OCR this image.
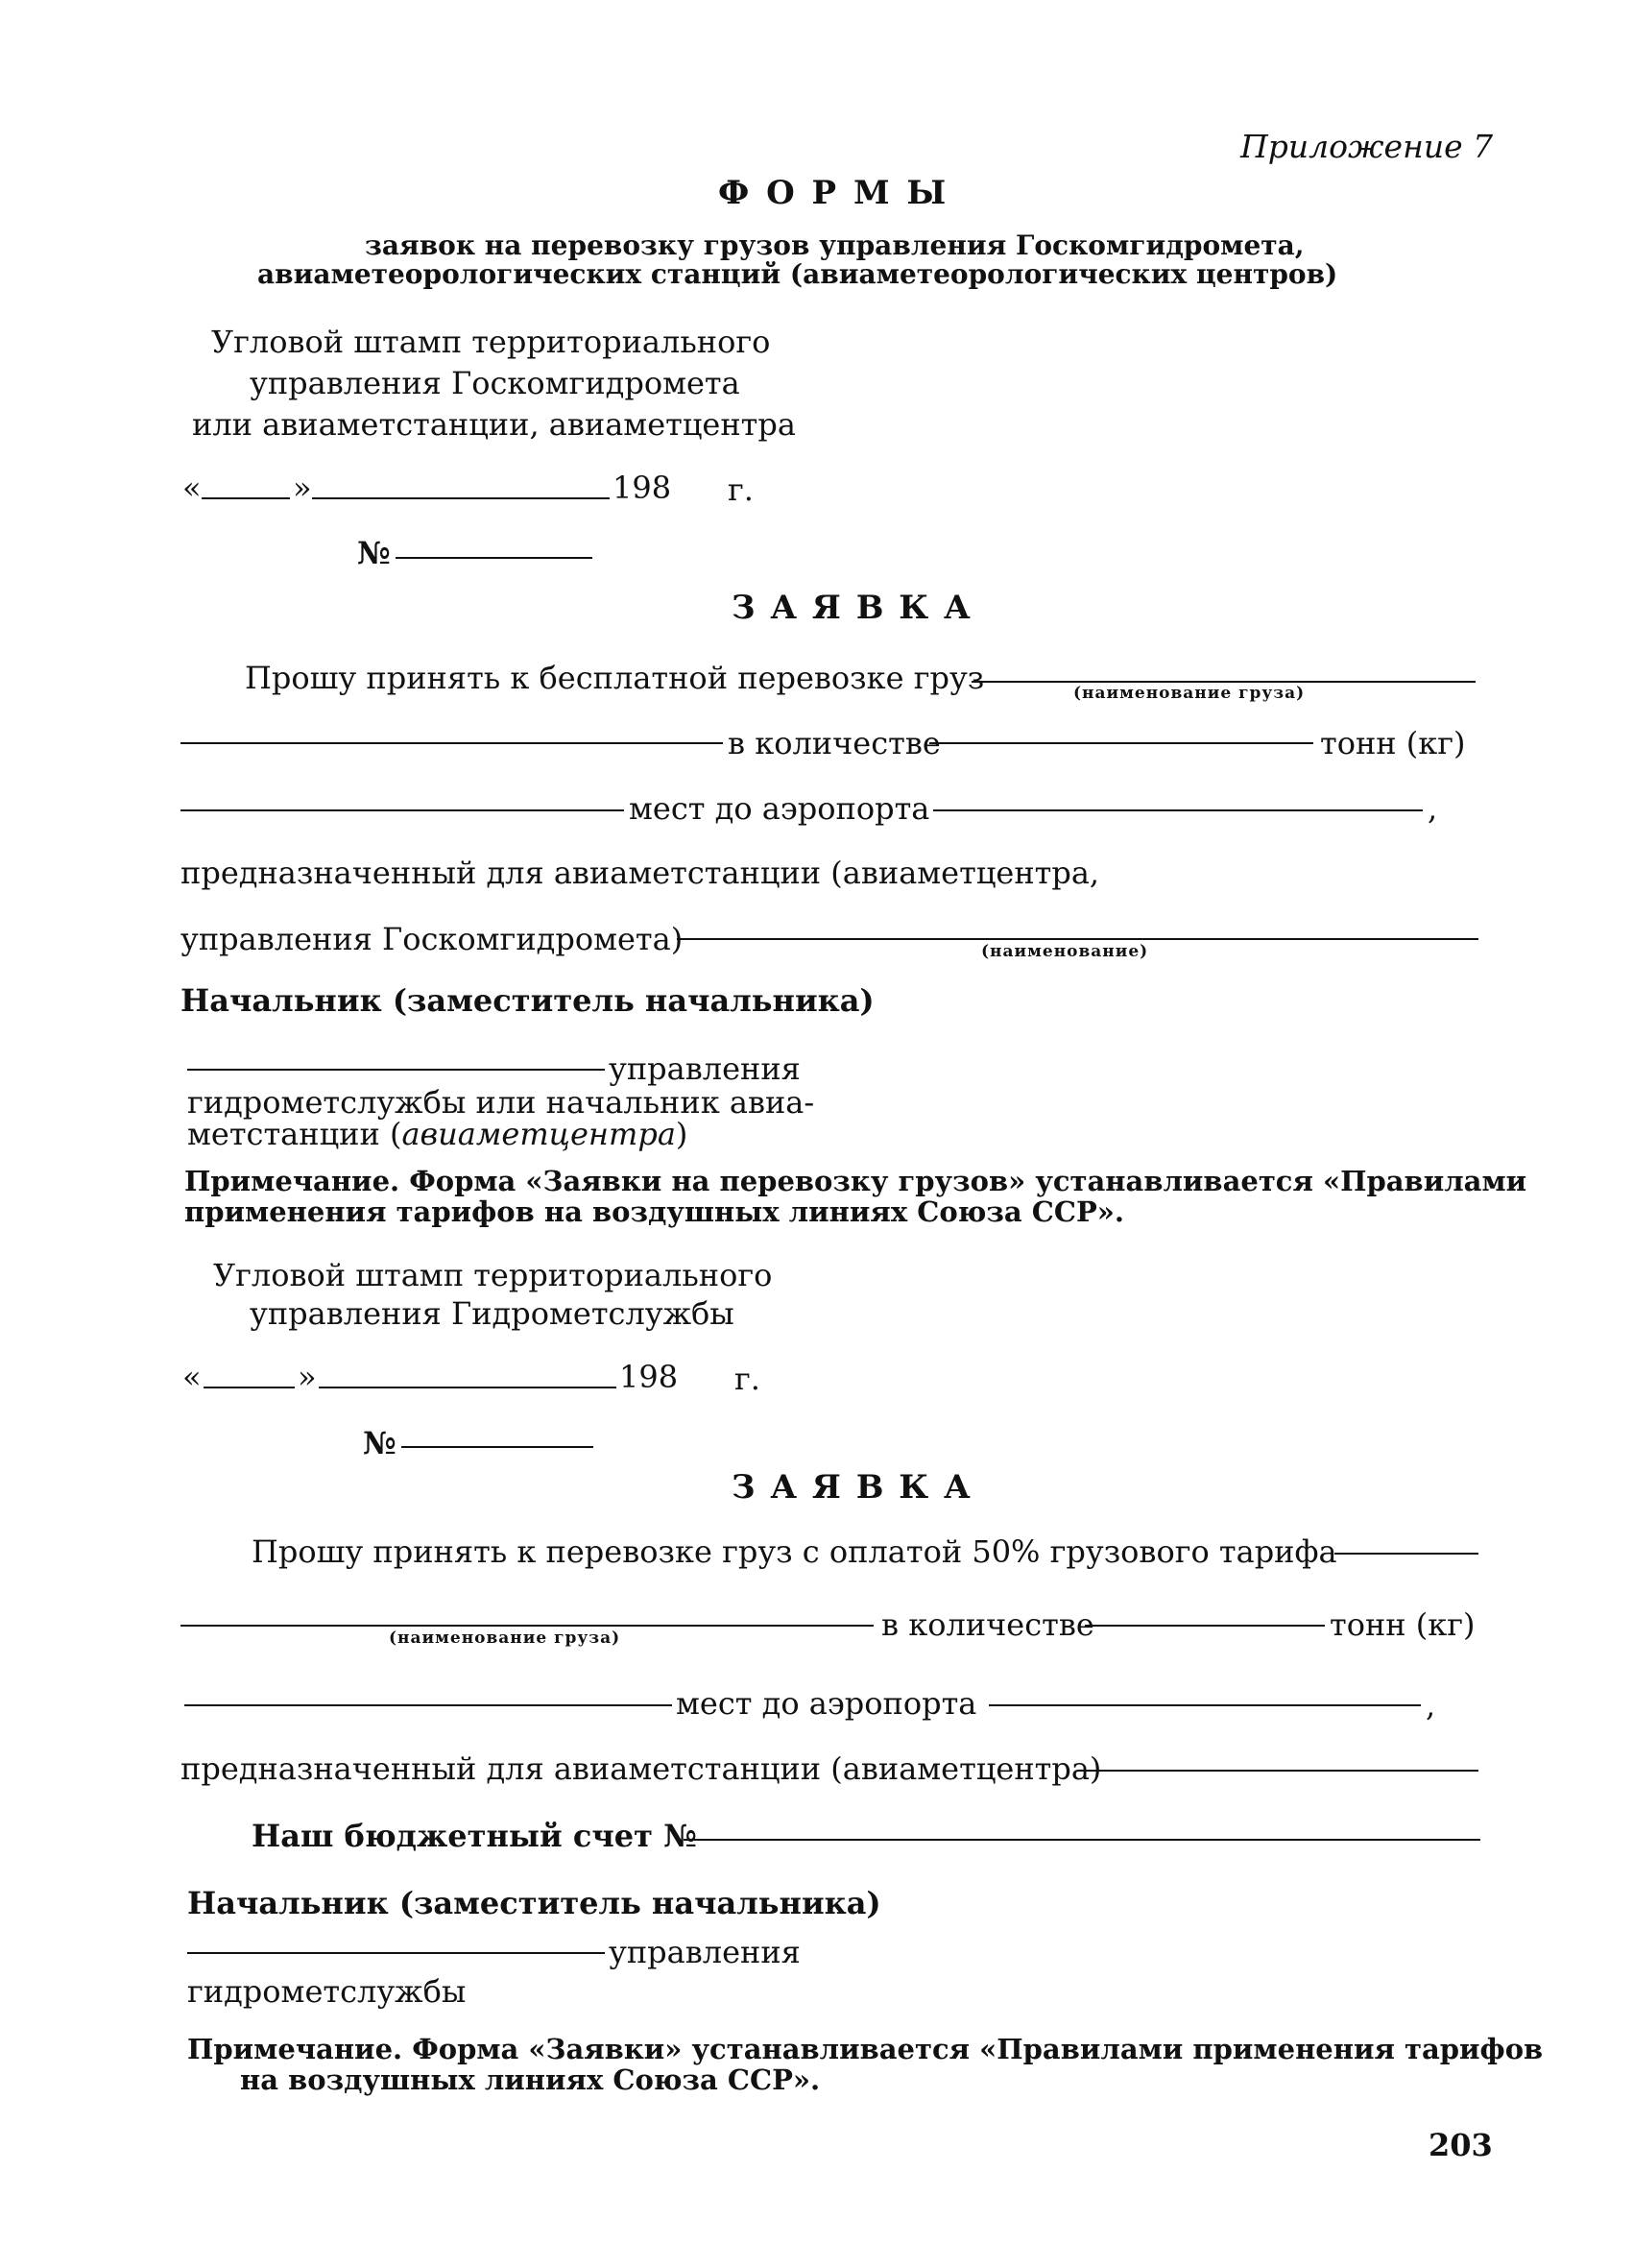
Приложение 7
Ф О Р М Ы
заявок на перевозку грузов управления Госкомгидромета,
авиаметеорологических станций (авиаметеорологических центров)
Угловой штамп территориального
управления Госкомгидромета
или авиаметстанции, авиаметцентра
«	»	198 г.
№
З А Я В К А
Прошу принять к бесплатной перевозке груз	(наименование груза)
в количестве	тонн (кг)
мест до аэропорта	,
предназначенный для авиаметстанции (авиаметцентра,
управления Госкомгидромета)	(наименование)
Начальник (заместитель начальника)
управления
гидрометслужбы или начальник авиа-
метстанции (авиаметцентра)
Примечание. Форма «Заявки на перевозку грузов» устанавливается «Правилами
применения тарифов на воздушных линиях Союза ССР».
Угловой штамп территориального
управления Гидрометслужбы
«	»	198 г.
№
З А Я В К А
Прошу принять к перевозке груз с оплатой 50% грузового тарифа
(наименование груза)	в количестве	тонн (кг)
мест до аэропорта	,
предназначенный для авиаметстанции (авиаметцентра)
Наш бюджетный счет №
Начальник (заместитель начальника)
управления
гидрометслужбы
Примечание. Форма «Заявки» устанавливается «Правилами применения тарифов
на воздушных линиях Союза ССР».
203
